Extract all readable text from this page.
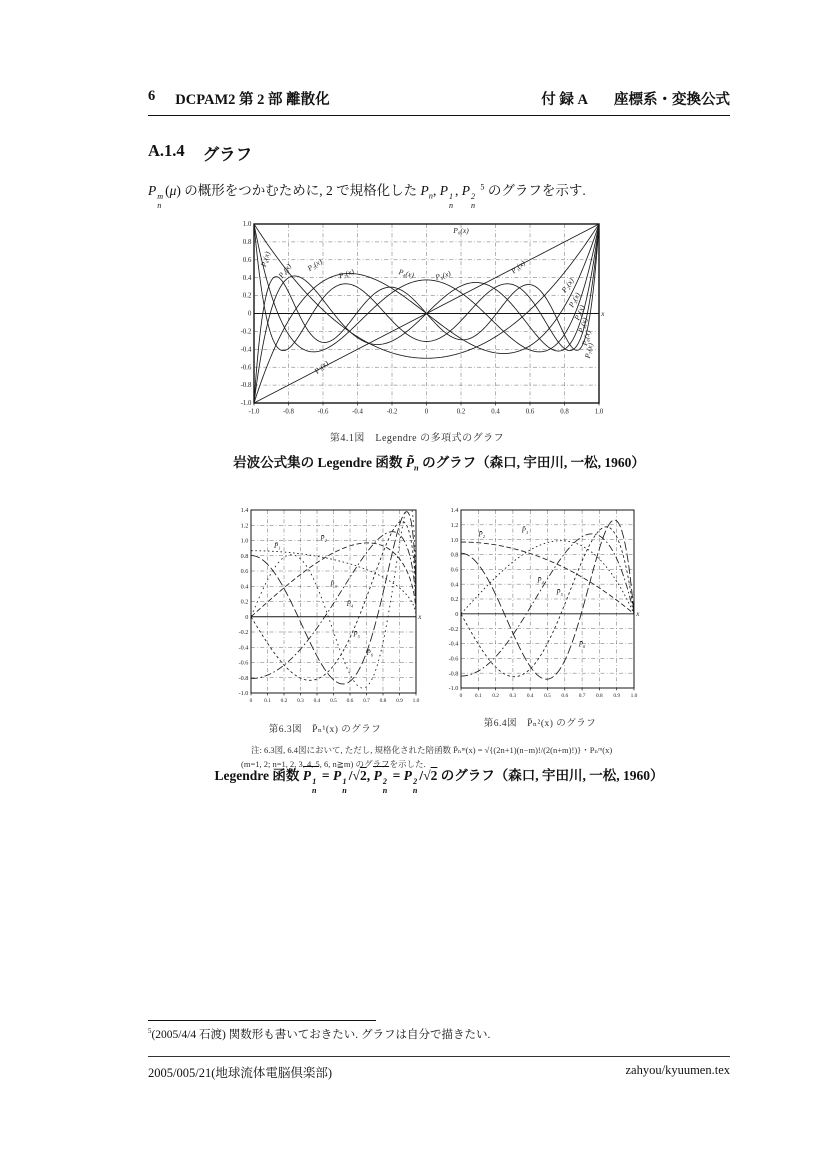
6 DCPAM2 第 2 部 離散化	付 録 A 座標系・変換公式
A.1.4 グラフ

P m
n
(μ) の概形をつかむために, 2 で規格化した $P_n$, P 1
n
, P 2
n
$^5$ のグラフを示す.

x
-1.0	-0.8	-0.6	-0.4	-0.2	0	0.2	0.4	0.6	0.8	1.0
-1.0
-0.8
-0.6
-0.4
-0.2
0
0.2
0.4
0.6
0.8
1.0
P₀(x)
P₆(x)
P₄(x) P₃(x)
P₂(x)	P₄(x)	P₅(x)
P₁(x)
P₁(x)
P₂(x)
P₃(x)
P₄(x)
P₅(x)
P₆(x)
P₇(x)
第4.1図　Legendre の多項式のグラフ
岩波公式集の Legendre 函数 $P̃_n$ のグラフ（森口, 宇田川, 一松, 1960）
x
0 0.1 0.2 0.3 0.4 0.5 0.6 0.7 0.8 0.9 1.0
-1.0
-0.8
-0.6
-0.4
-0.2
0
0.2
0.4
0.6
0.8
1.0
1.2
1.4
P̄₁
P̄₂
P̄₃
P̄₄
P̄₅
P̄₆
第6.3図　P̄ₙ¹(x) のグラフ
x
0 0.1 0.2 0.3 0.4 0.5 0.6 0.7 0.8 0.9 1.0
-1.0
-0.8
-0.6
-0.4
-0.2
0
0.2
0.4
0.6
0.8
1.0
1.2
1.4
P̄₂
P̄₃
P̄₄
P̄₅
P̄₆
第6.4図　P̄ₙ²(x) のグラフ
注: 6.3図, 6.4図において, ただし, 規格化された陪函数 P̄ₙᵐ(x) = √{(2n+1)(n−m)!/(2(n+m)!)}・Pₙᵐ(x)
(m=1, 2; n=1, 2, 3, 4, 5, 6, n≧m) のグラフを示した.
Legendre 函数 P 1
n
= P 1
n
/√2, P 2
n
= P 2
n
/√2 のグラフ（森口, 宇田川, 一松, 1960）
$^5$(2005/4/4 石渡) 関数形も書いておきたい. グラフは自分で描きたい.
2005/005/21(地球流体電脳倶楽部)	zahyou/kyuumen.tex
